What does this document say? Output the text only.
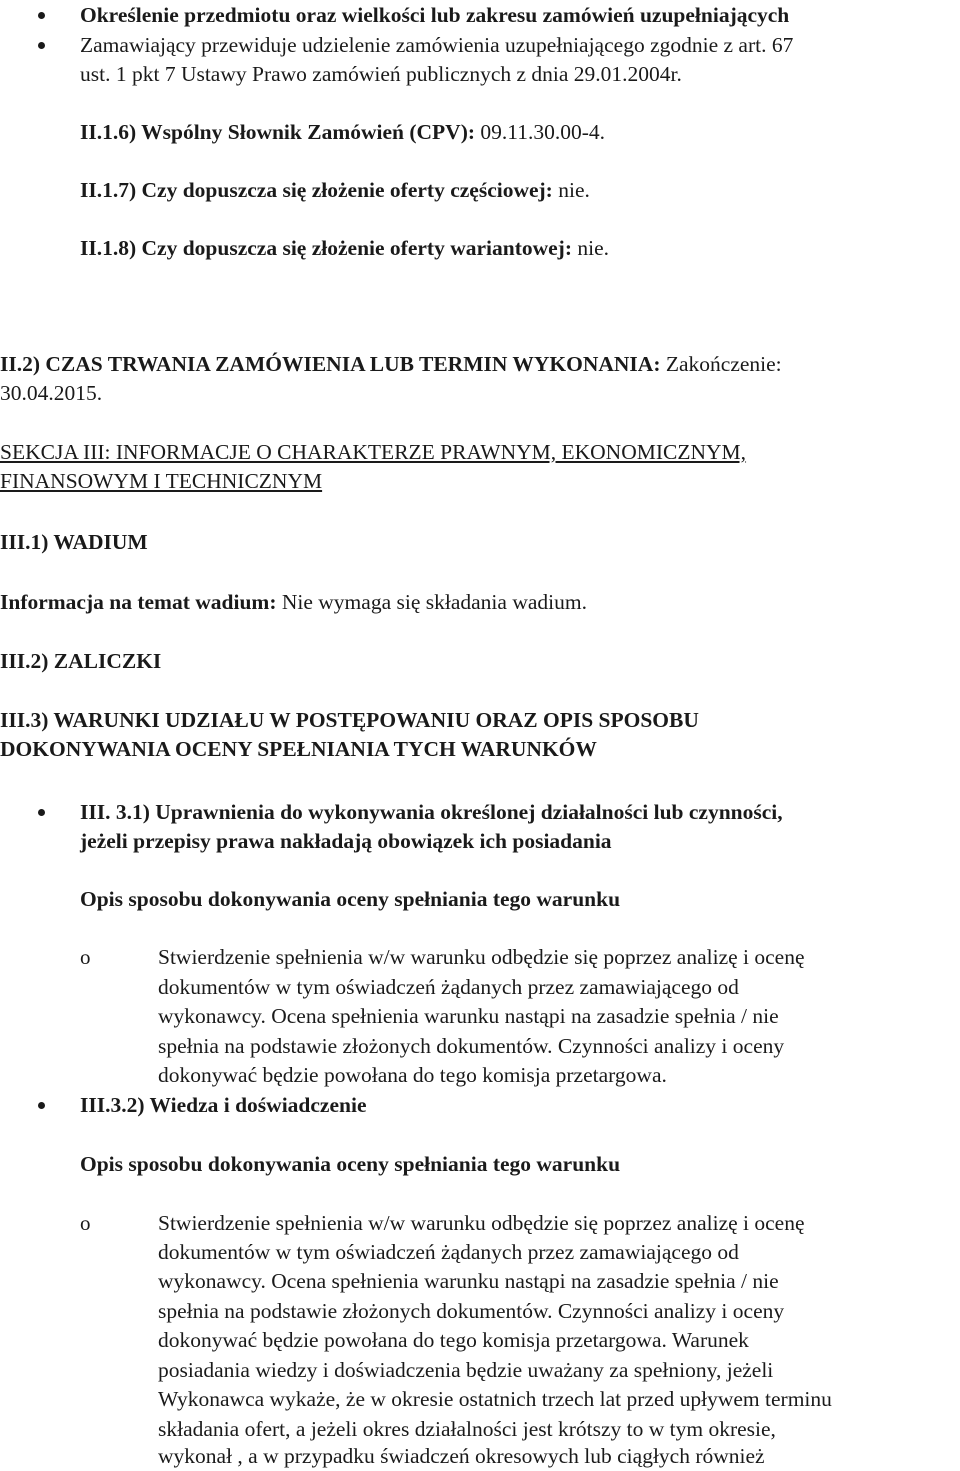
Określenie przedmiotu oraz wielkości lub zakresu zamówień uzupełniających
Zamawiający przewiduje udzielenie zamówienia uzupełniającego zgodnie z art. 67
ust. 1 pkt 7 Ustawy Prawo zamówień publicznych z dnia 29.01.2004r.
II.1.6) Wspólny Słownik Zamówień (CPV): 09.11.30.00-4.
II.1.7) Czy dopuszcza się złożenie oferty częściowej: nie.
II.1.8) Czy dopuszcza się złożenie oferty wariantowej: nie.
II.2) CZAS TRWANIA ZAMÓWIENIA LUB TERMIN WYKONANIA: Zakończenie:
30.04.2015.
SEKCJA III: INFORMACJE O CHARAKTERZE PRAWNYM, EKONOMICZNYM,
FINANSOWYM I TECHNICZNYM
III.1) WADIUM
Informacja na temat wadium: Nie wymaga się składania wadium.
III.2) ZALICZKI
III.3) WARUNKI UDZIAŁU W POSTĘPOWANIU ORAZ OPIS SPOSOBU
DOKONYWANIA OCENY SPEŁNIANIA TYCH WARUNKÓW
III. 3.1) Uprawnienia do wykonywania określonej działalności lub czynności,
jeżeli przepisy prawa nakładają obowiązek ich posiadania
Opis sposobu dokonywania oceny spełniania tego warunku
o	Stwierdzenie spełnienia w/w warunku odbędzie się poprzez analizę i ocenę
dokumentów w tym oświadczeń żądanych przez zamawiającego od
wykonawcy. Ocena spełnienia warunku nastąpi na zasadzie spełnia / nie
spełnia na podstawie złożonych dokumentów. Czynności analizy i oceny
dokonywać będzie powołana do tego komisja przetargowa.
III.3.2) Wiedza i doświadczenie
Opis sposobu dokonywania oceny spełniania tego warunku
o	Stwierdzenie spełnienia w/w warunku odbędzie się poprzez analizę i ocenę
dokumentów w tym oświadczeń żądanych przez zamawiającego od
wykonawcy. Ocena spełnienia warunku nastąpi na zasadzie spełnia / nie
spełnia na podstawie złożonych dokumentów. Czynności analizy i oceny
dokonywać będzie powołana do tego komisja przetargowa. Warunek
posiadania wiedzy i doświadczenia będzie uważany za spełniony, jeżeli
Wykonawca wykaże, że w okresie ostatnich trzech lat przed upływem terminu
składania ofert, a jeżeli okres działalności jest krótszy to w tym okresie,
wykonał , a w przypadku świadczeń okresowych lub ciągłych również
